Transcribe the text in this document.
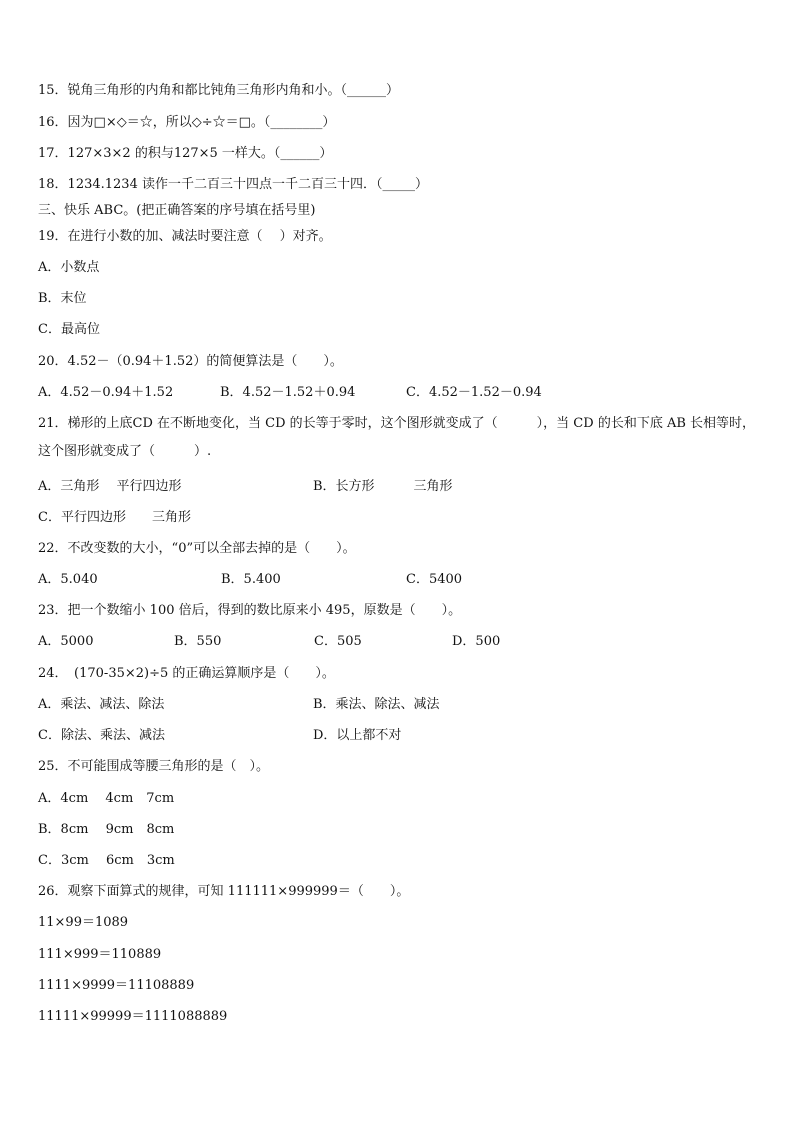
15．锐角三角形的内角和都比钝角三角形内角和小。（______）
16．因为□×◇＝☆，所以◇÷☆＝□。（________）
17．127×3×2 的积与127×5 一样大。（______）
18．1234.1234 读作一千二百三十四点一千二百三十四．（_____）
三、快乐 ABC。(把正确答案的序号填在括号里)
19．在进行小数的加、减法时要注意（　 ）对齐。
A．小数点
B．末位
C．最高位
20．4.52－（0.94＋1.52）的简便算法是（　　）。
A．4.52－0.94＋1.52	B．4.52－1.52＋0.94	C．4.52－1.52－0.94
21．梯形的上底CD 在不断地变化，当 CD 的长等于零时，这个图形就变成了（　　　），当 CD 的长和下底 AB 长相等时，这个图形就变成了（　　　）.
A．三角形　 平行四边形	B．长方形　　　三角形
C．平行四边形　　三角形
22．不改变数的大小，“0”可以全部去掉的是（　　）。
A．5.040	B．5.400	C．5400
23．把一个数缩小 100 倍后，得到的数比原来小 495，原数是（　　）。
A．5000	B．550	C．505	D．500
24．　(170-35×2)÷5 的正确运算顺序是（　　）。
A．乘法、减法、除法	B．乘法、除法、减法
C．除法、乘法、减法	D．以上都不对
25．不可能围成等腰三角形的是（　）。
A．4cm　 4cm　7cm
B．8cm　 9cm　8cm
C．3cm　 6cm　3cm
26．观察下面算式的规律，可知 111111×999999＝（　　）。
11×99＝1089
111×999＝110889
1111×9999＝11108889
11111×99999＝1111088889
